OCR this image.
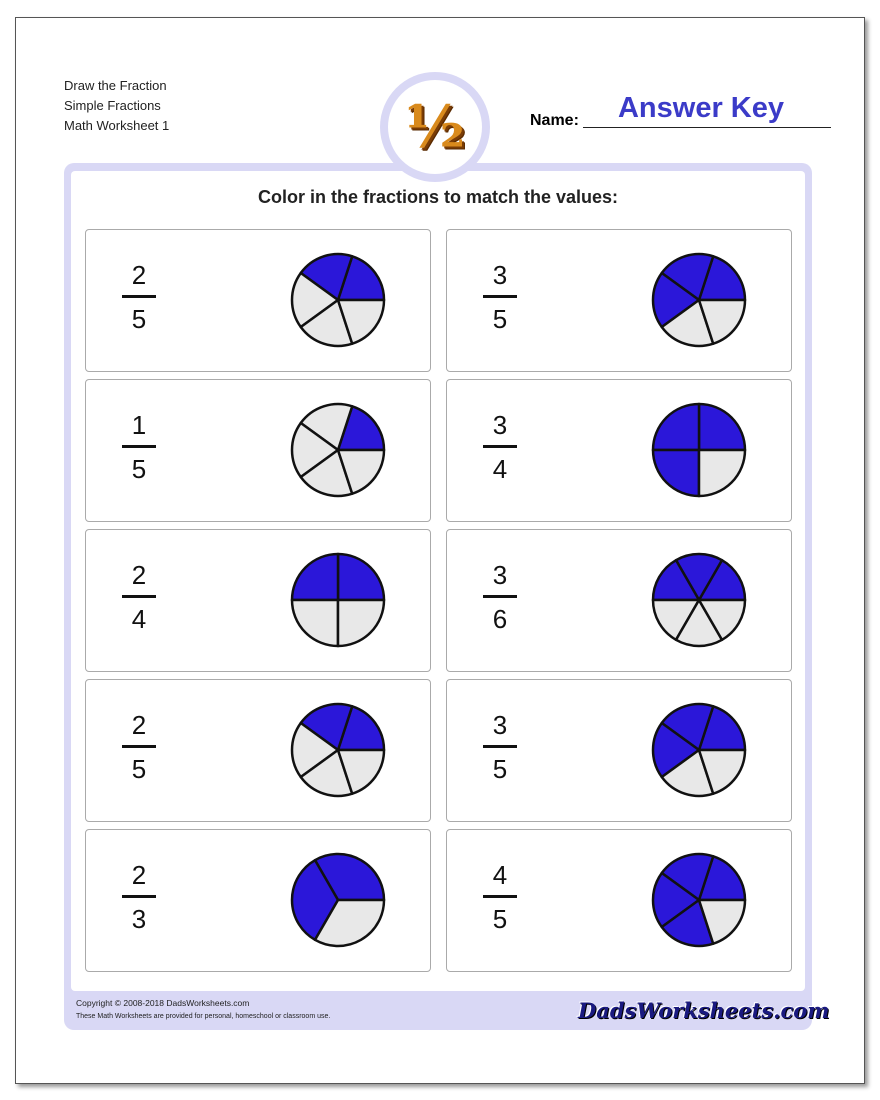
Draw the Fraction
Simple Fractions
Math Worksheet 1	½	Name:	Answer Key
Color in the fractions to match the values:
2
5
3
5
1
5
3
4
2
4
3
6
2
5
3
5
2
3
4
5
Copyright © 2008-2018 DadsWorksheets.com
These Math Worksheets are provided for personal, homeschool or classroom use.	DadsWorksheets.com
